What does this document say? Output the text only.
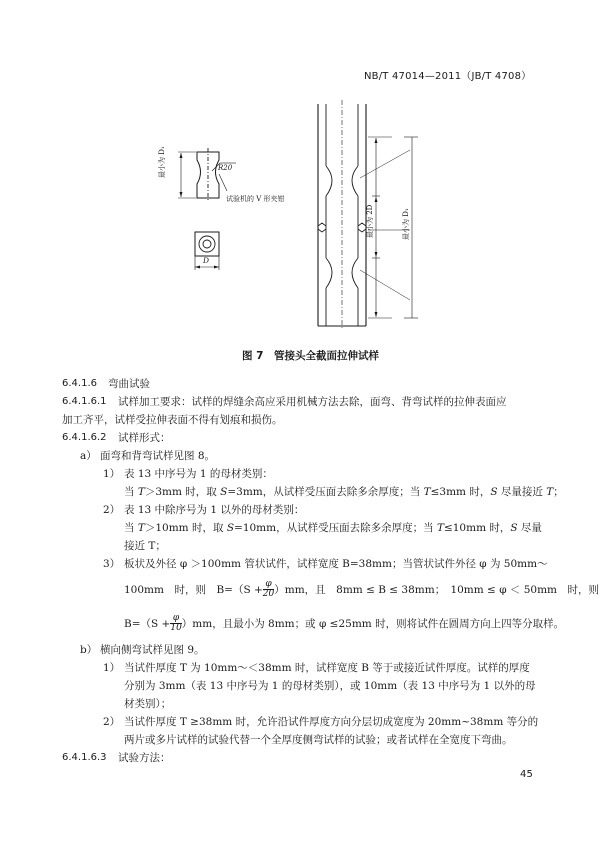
NB/T 47014—2011（JB/T 4708）
最小为 D₁	R20
试验机的 V 形夹钳
D
最小为 2D	最小为 D₁
图 7　管接头全截面拉伸试样
6.4.1.6 弯曲试验
6.4.1.6.1 试样加工要求：试样的焊缝余高应采用机械方法去除，面弯、背弯试样的拉伸表面应
加工齐平，试样受拉伸表面不得有划痕和损伤。
6.4.1.6.2 试样形式：
a） 面弯和背弯试样见图 8。
1） 表 13 中序号为 1 的母材类别：
当 T＞3mm 时，取 S=3mm，从试样受压面去除多余厚度；当 T≤3mm 时，S 尽量接近 T；
2） 表 13 中除序号为 1 以外的母材类别：
当 T＞10mm 时，取 S=10mm，从试样受压面去除多余厚度；当 T≤10mm 时，S 尽量
接近 T；
3） 板状及外径 φ ＞100mm 管状试件，试样宽度 B=38mm；当管状试件外径 φ 为 50mm～
100mm　时，则　$B=(S + \frac{\varphi}{20} )mm$，且　8mm ≤ B ≤ 38mm；　10mm ≤ φ ＜ 50mm　时，则
$B=(S + \frac{\varphi}{10} )mm$，且最小为 8mm；或 φ ≤25mm 时，则将试件在圆周方向上四等分取样。
b） 横向侧弯试样见图 9。
1） 当试件厚度 T 为 10mm～＜38mm 时，试样宽度 B 等于或接近试件厚度。试样的厚度
分别为 3mm（表 13 中序号为 1 的母材类别），或 10mm（表 13 中序号为 1 以外的母
材类别）；
2） 当试件厚度 T ≥38mm 时，允许沿试件厚度方向分层切成宽度为 20mm~38mm 等分的
两片或多片试样的试验代替一个全厚度侧弯试样的试验；或者试样在全宽度下弯曲。
6.4.1.6.3 试验方法：
45
